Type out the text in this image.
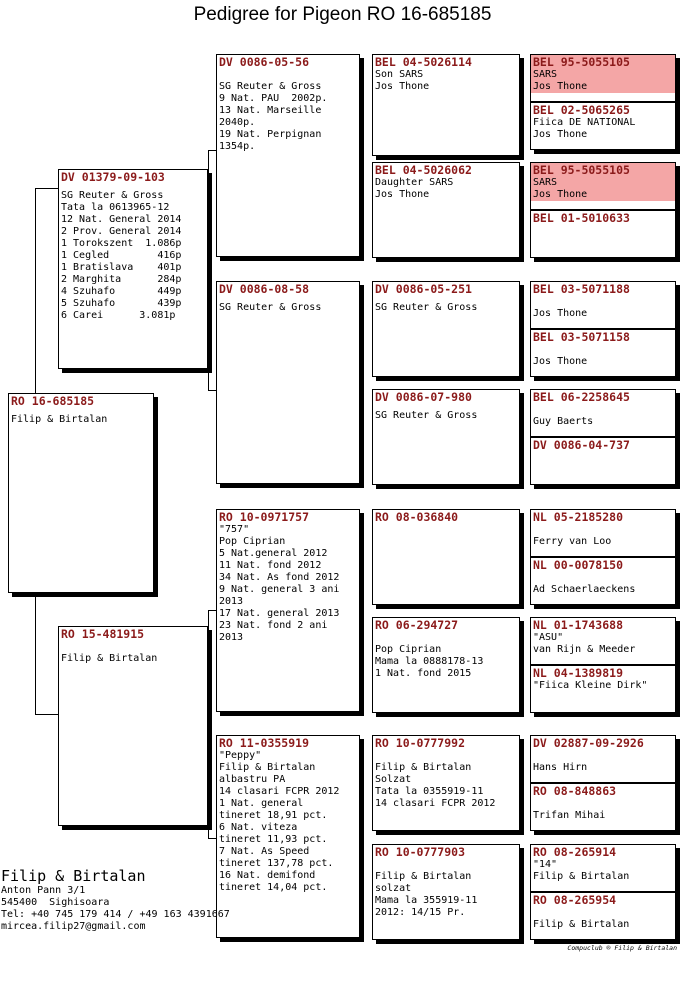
Pedigree for Pigeon RO 16-685185
RO 16-685185
Filip & Birtalan
DV 01379-09-103
SG Reuter & Gross
Tata la 0613965-12
12 Nat. General 2014
2 Prov. General 2014
1 Torokszent  1.086p
1 Cegled        416p
1 Bratislava    401p
2 Marghita      284p
4 Szuhafo       449p
5 Szuhafo       439p
6 Carei      3.081p
RO 15-481915
Filip & Birtalan
DV 0086-05-56
SG Reuter & Gross
9 Nat. PAU  2002p.
13 Nat. Marseille
2040p.
19 Nat. Perpignan
1354p.
DV 0086-08-58
SG Reuter & Gross
RO 10-0971757
"757"
Pop Ciprian
5 Nat.general 2012
11 Nat. fond 2012
34 Nat. As fond 2012
9 Nat. general 3 ani
2013
17 Nat. general 2013
23 Nat. fond 2 ani
2013
RO 11-0355919
"Peppy"
Filip & Birtalan
albastru PA
14 clasari FCPR 2012
1 Nat. general
tineret 18,91 pct.
6 Nat. viteza
tineret 11,93 pct.
7 Nat. As Speed
tineret 137,78 pct.
16 Nat. demifond
tineret 14,04 pct.
BEL 04-5026114
Son SARS
Jos Thone
BEL 04-5026062
Daughter SARS
Jos Thone
DV 0086-05-251
SG Reuter & Gross
DV 0086-07-980
SG Reuter & Gross
RO 08-036840
RO 06-294727
Pop Ciprian
Mama la 0888178-13
1 Nat. fond 2015
RO 10-0777992
Filip & Birtalan
Solzat
Tata la 0355919-11
14 clasari FCPR 2012
RO 10-0777903
Filip & Birtalan
solzat
Mama la 355919-11
2012: 14/15 Pr.
BEL 95-5055105
SARS
Jos Thone
BEL 02-5065265
Fiica DE NATIONAL
Jos Thone
BEL 95-5055105
SARS
Jos Thone
BEL 01-5010633
BEL 03-5071188
Jos Thone
BEL 03-5071158
Jos Thone
BEL 06-2258645
Guy Baerts
DV 0086-04-737
NL 05-2185280
Ferry van Loo
NL 00-0078150
Ad Schaerlaeckens
NL 01-1743688
"ASU"
van Rijn & Meeder
NL 04-1389819
"Fiica Kleine Dirk"
DV 02887-09-2926
Hans Hirn
RO 08-848863
Trifan Mihai
RO 08-265914
"14"
Filip & Birtalan
RO 08-265954
Filip & Birtalan
Filip & Birtalan
Anton Pann 3/1
545400  Sighisoara
Tel: +40 745 179 414 / +49 163 4391667
mircea.filip27@gmail.com
Compuclub ® Filip & Birtalan
